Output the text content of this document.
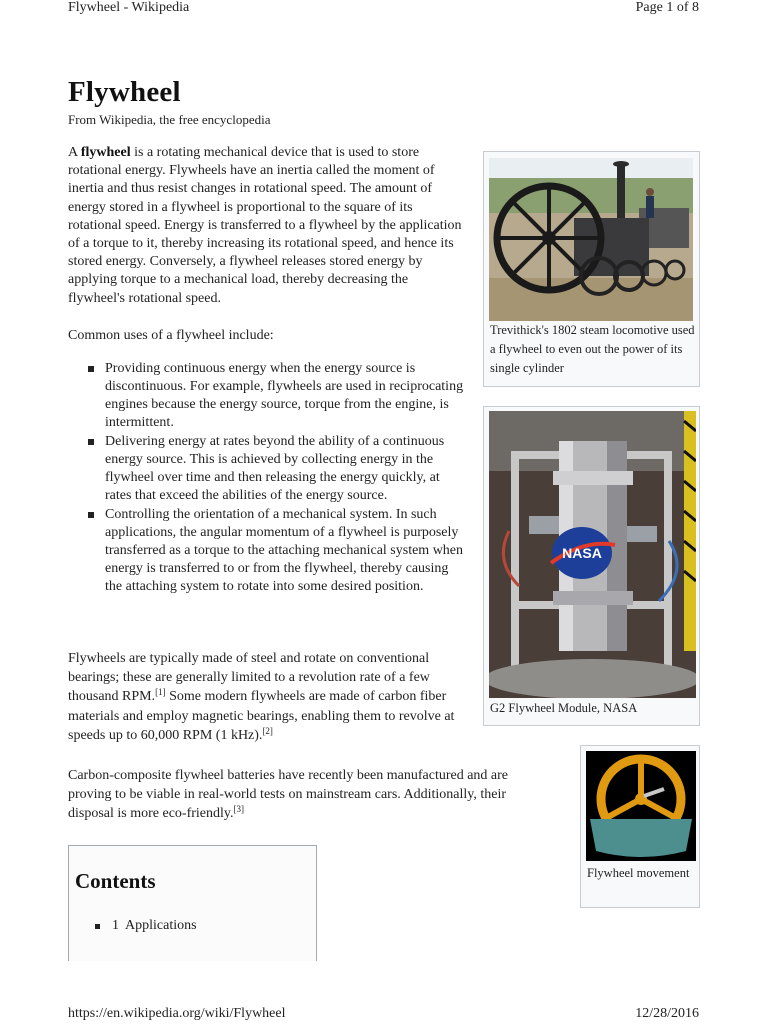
Flywheel - Wikipedia	Page 1 of 8
Flywheel
From Wikipedia, the free encyclopedia

A flywheel is a rotating mechanical device that is used to store rotational energy. Flywheels have an inertia called the moment of inertia and thus resist changes in rotational speed. The amount of energy stored in a flywheel is proportional to the square of its rotational speed. Energy is transferred to a flywheel by the application of a torque to it, thereby increasing its rotational speed, and hence its stored energy. Conversely, a flywheel releases stored energy by applying torque to a mechanical load, thereby decreasing the flywheel's rotational speed.

Common uses of a flywheel include:

Providing continuous energy when the energy source is discontinuous. For example, flywheels are used in reciprocating engines because the energy source, torque from the engine, is intermittent.
Delivering energy at rates beyond the ability of a continuous energy source. This is achieved by collecting energy in the flywheel over time and then releasing the energy quickly, at rates that exceed the abilities of the energy source.
Controlling the orientation of a mechanical system. In such applications, the angular momentum of a flywheel is purposely transferred as a torque to the attaching mechanical system when energy is transferred to or from the flywheel, thereby causing the attaching system to rotate into some desired position.

Flywheels are typically made of steel and rotate on conventional bearings; these are generally limited to a revolution rate of a few thousand RPM.[1] Some modern flywheels are made of carbon fiber materials and employ magnetic bearings, enabling them to revolve at speeds up to 60,000 RPM (1 kHz).[2]

Carbon-composite flywheel batteries have recently been manufactured and are proving to be viable in real-world tests on mainstream cars. Additionally, their disposal is more eco-friendly.[3]
Trevithick's 1802 steam locomotive used a flywheel to even out the power of its single cylinder
NASA
G2 Flywheel Module, NASA
Flywheel movement
Contents
1 Applications
https://en.wikipedia.org/wiki/Flywheel	12/28/2016
